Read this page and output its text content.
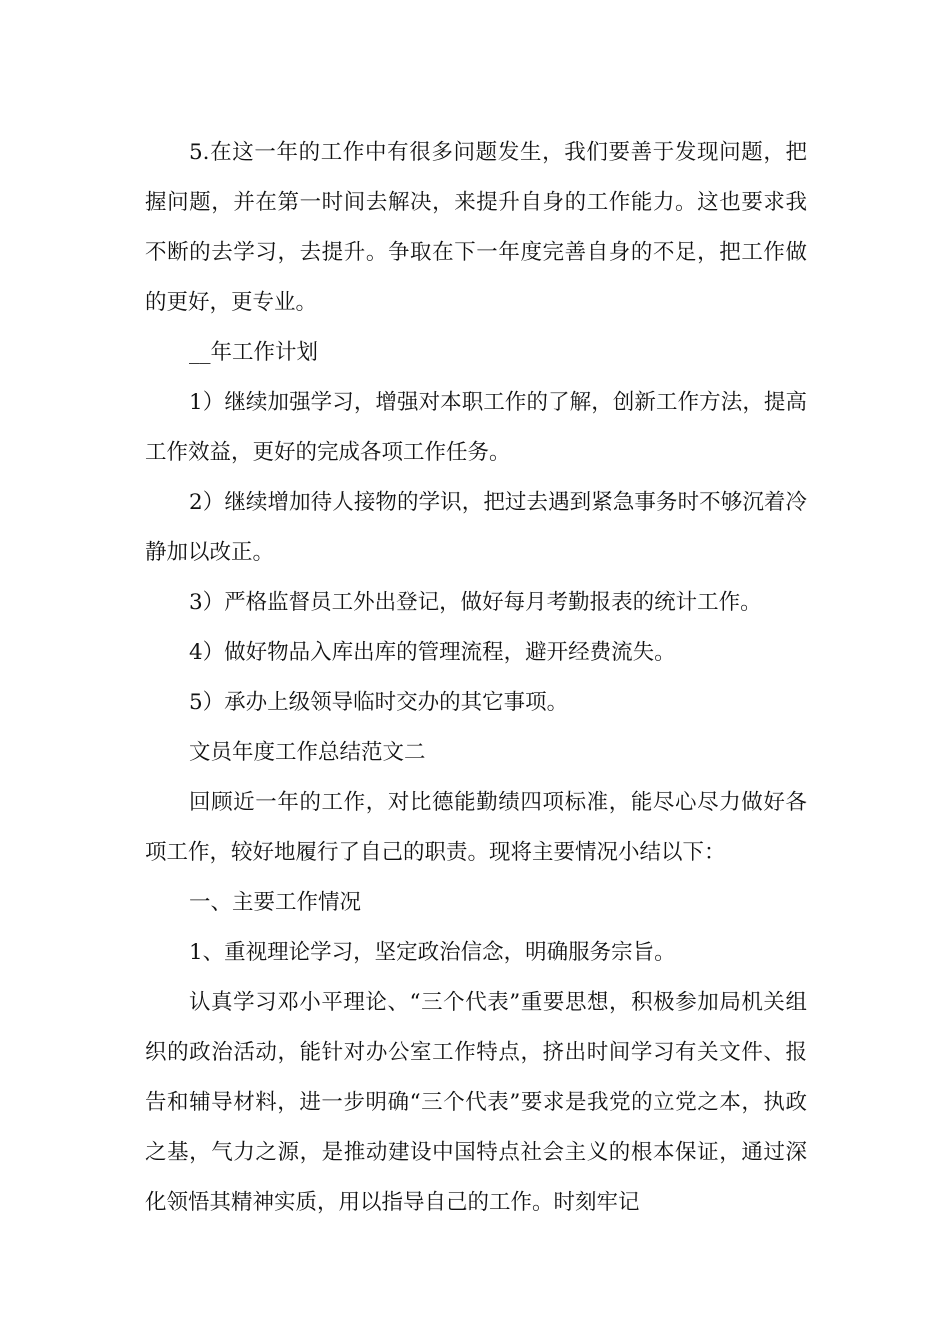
5.在这一年的工作中有很多问题发生，我们要善于发现问题，把握问题，并在第一时间去解决，来提升自身的工作能力。这也要求我不断的去学习，去提升。争取在下一年度完善自身的不足，把工作做的更好，更专业。

__年工作计划

1）继续加强学习，增强对本职工作的了解，创新工作方法，提高工作效益，更好的完成各项工作任务。

2）继续增加待人接物的学识，把过去遇到紧急事务时不够沉着冷静加以改正。

3）严格监督员工外出登记，做好每月考勤报表的统计工作。

4）做好物品入库出库的管理流程，避开经费流失。

5）承办上级领导临时交办的其它事项。

文员年度工作总结范文二

回顾近一年的工作，对比德能勤绩四项标准，能尽心尽力做好各项工作，较好地履行了自己的职责。现将主要情况小结以下：

一、主要工作情况

1、重视理论学习，坚定政治信念，明确服务宗旨。

认真学习邓小平理论、“三个代表”重要思想，积极参加局机关组织的政治活动，能针对办公室工作特点，挤出时间学习有关文件、报告和辅导材料，进一步明确“三个代表”要求是我党的立党之本，执政之基，气力之源，是推动建设中国特点社会主义的根本保证，通过深化领悟其精神实质，用以指导自己的工作。时刻牢记
